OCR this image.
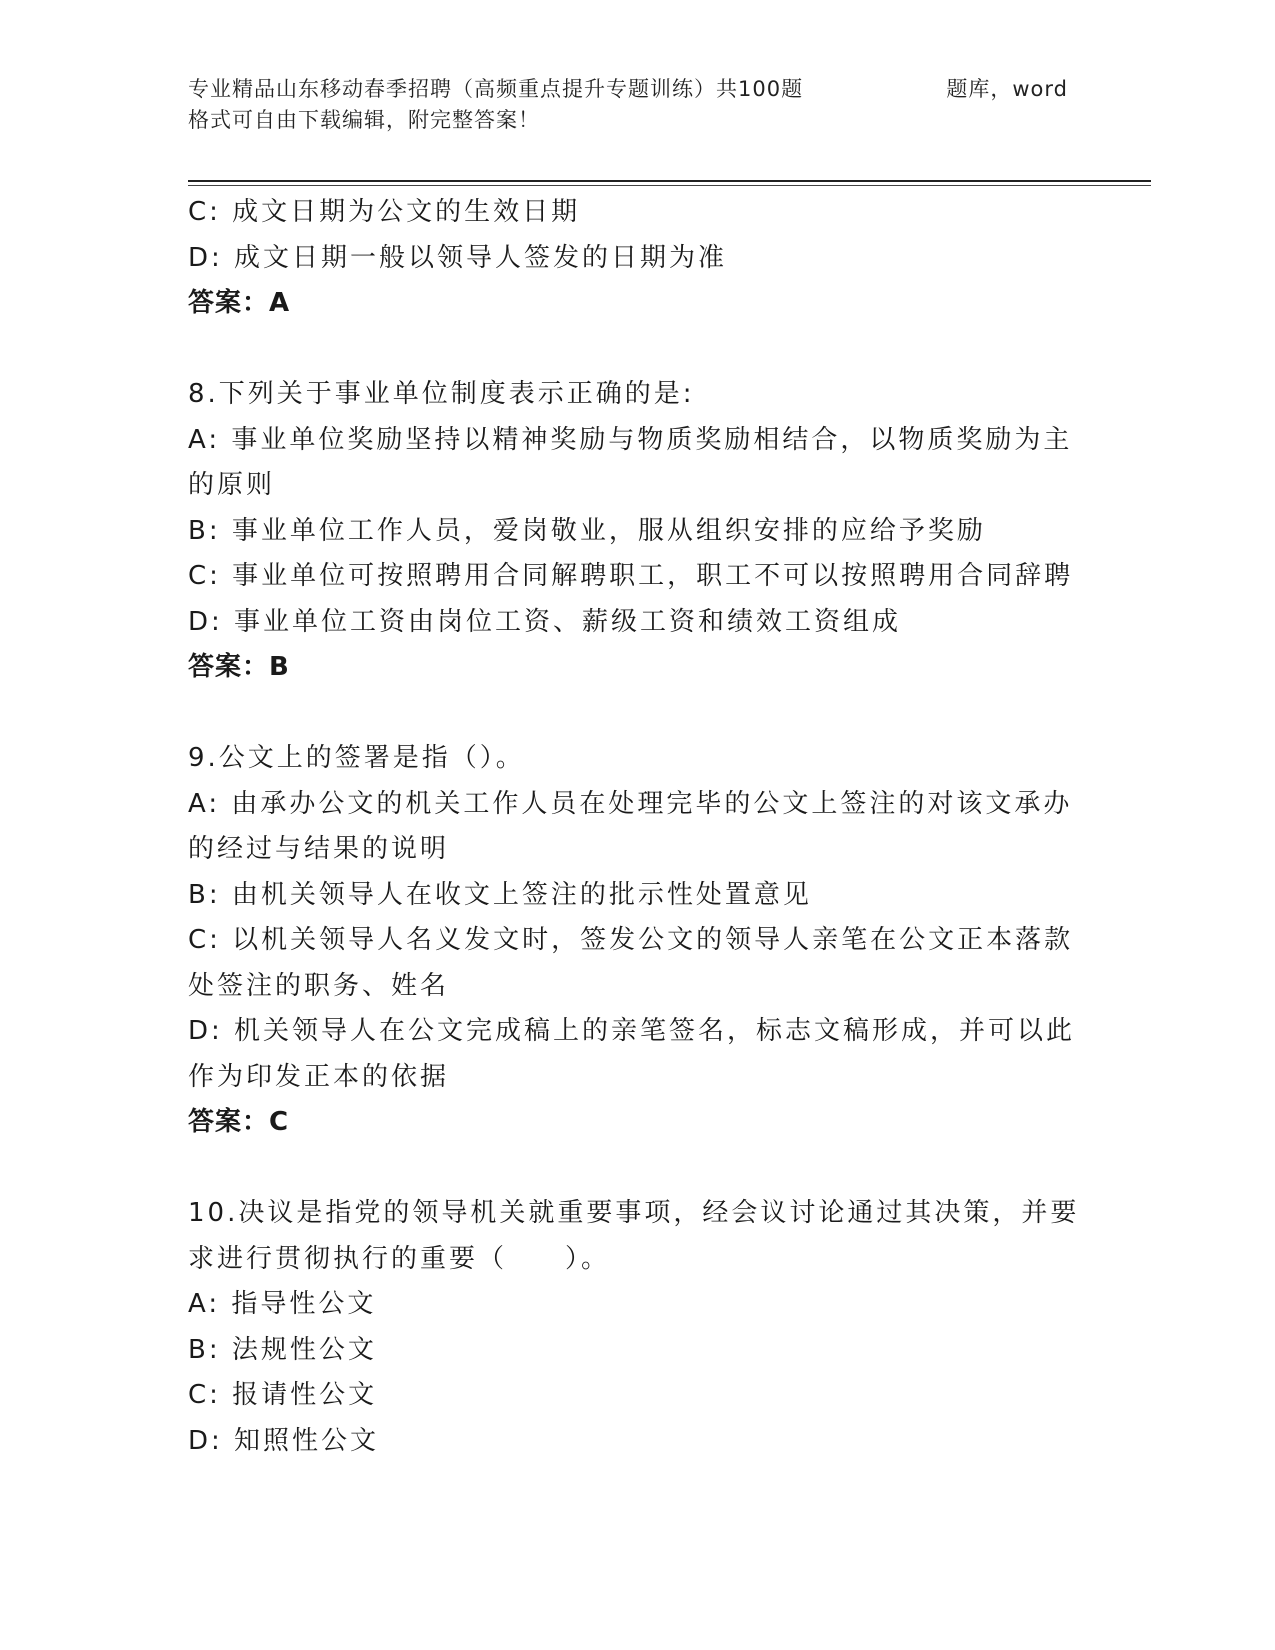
专业精品山东移动春季招聘（高频重点提升专题训练）共100题	题库，word
格式可自由下载编辑，附完整答案！
C: 成文日期为公文的生效日期
D: 成文日期一般以领导人签发的日期为准
答案：A
8.下列关于事业单位制度表示正确的是:
A: 事业单位奖励坚持以精神奖励与物质奖励相结合，以物质奖励为主
的原则
B: 事业单位工作人员，爱岗敬业，服从组织安排的应给予奖励
C: 事业单位可按照聘用合同解聘职工，职工不可以按照聘用合同辞聘
D: 事业单位工资由岗位工资、薪级工资和绩效工资组成
答案：B
9.公文上的签署是指（）。
A: 由承办公文的机关工作人员在处理完毕的公文上签注的对该文承办
的经过与结果的说明
B: 由机关领导人在收文上签注的批示性处置意见
C: 以机关领导人名义发文时，签发公文的领导人亲笔在公文正本落款
处签注的职务、姓名
D: 机关领导人在公文完成稿上的亲笔签名，标志文稿形成，并可以此
作为印发正本的依据
答案：C
10.决议是指党的领导机关就重要事项，经会议讨论通过其决策，并要
求进行贯彻执行的重要（　　）。
A: 指导性公文
B: 法规性公文
C: 报请性公文
D: 知照性公文
